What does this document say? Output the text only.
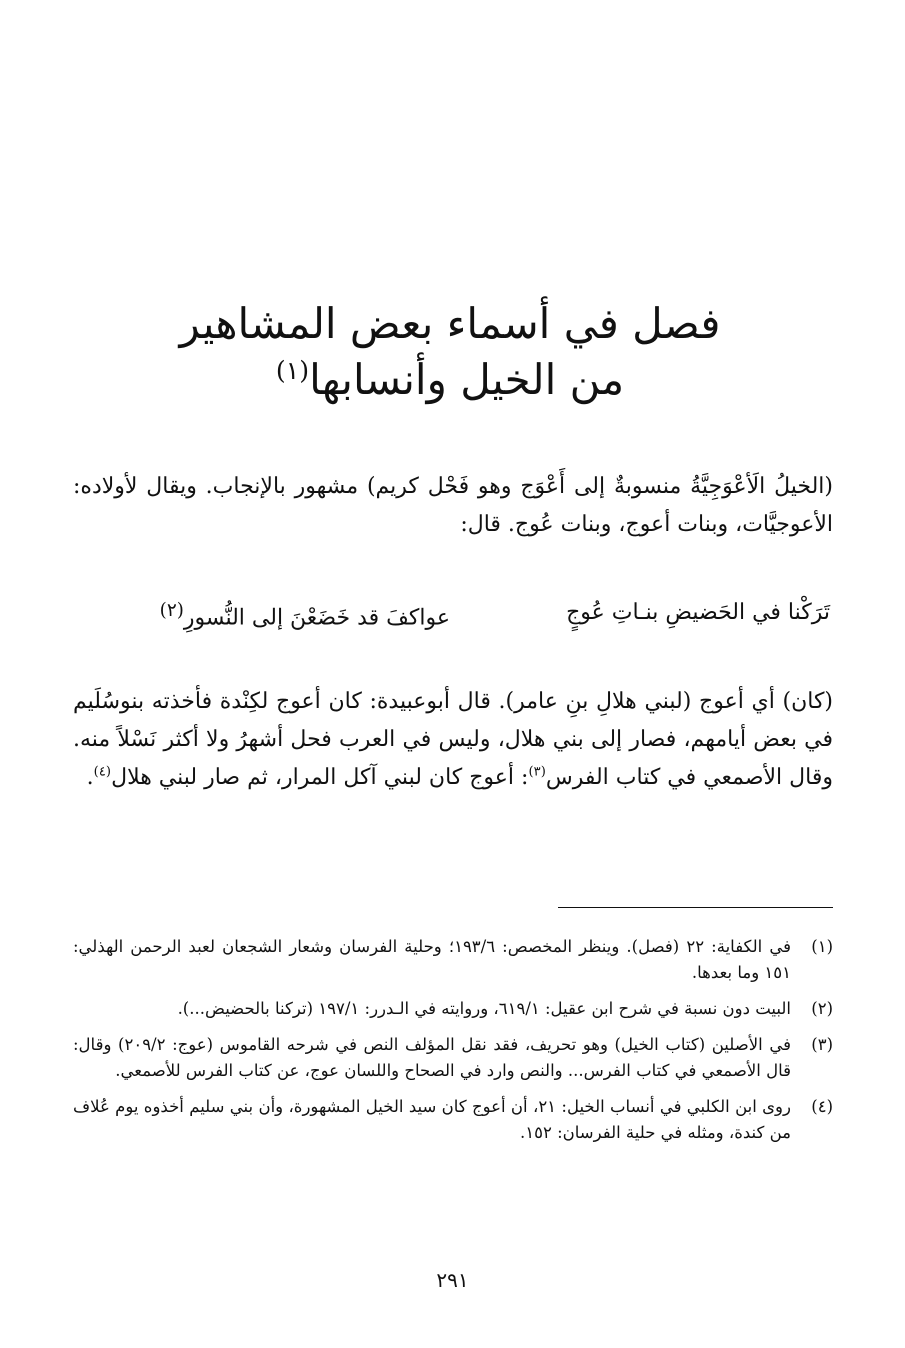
فصل في أسماء بعض المشاهير
من الخيل وأنسابها$^{(١)}$
(الخيلُ الَأعْوَجِيَّةُ منسوبةٌ إلى أَعْوَج وهو فَحْل كريم) مشهور بالإنجاب. ويقال لأولاده: الأعوجيَّات، وبنات أعوج، وبنات عُوج. قال:
تَرَكْنا في الحَضيضِ بنـاتِ عُوجٍ
عواكفَ قد خَضَعْنَ إلى النُّسورِ$^{(٢)}$
(كان) أي أعوج (لبني هلالِ بنِ عامر). قال أبوعبيدة: كان أعوج لكِنْدة فأخذته بنوسُلَيم في بعض أيامهم، فصار إلى بني هلال، وليس في العرب فحل أشهرُ ولا أكثر نَسْلاً منه. وقال الأصمعي في كتاب الفرس$^{(٣)}$: أعوج كان لبني آكل المرار، ثم صار لبني هلال$^{(٤)}$.
(١)
في الكفاية: ٢٢ (فصل). وينظر المخصص: ١٩٣/٦؛ وحلية الفرسان وشعار الشجعان لعبد الرحمن الهذلي: ١٥١ وما بعدها.
(٢)
البيت دون نسبة في شرح ابن عقيل: ٦١٩/١، وروايته في الـدرر: ١٩٧/١ (تركنا بالحضيض...).
(٣)
في الأصلين (كتاب الخيل) وهو تحريف، فقد نقل المؤلف النص في شرحه القاموس (عوج: ٢٠٩/٢) وقال: قال الأصمعي في كتاب الفرس... والنص وارد في الصحاح واللسان عوج، عن كتاب الفرس للأصمعي.
(٤)
روى ابن الكلبي في أنساب الخيل: ٢١، أن أعوج كان سيد الخيل المشهورة، وأن بني سليم أخذوه يوم عُلاف من كندة، ومثله في حلية الفرسان: ١٥٢.
٢٩١
